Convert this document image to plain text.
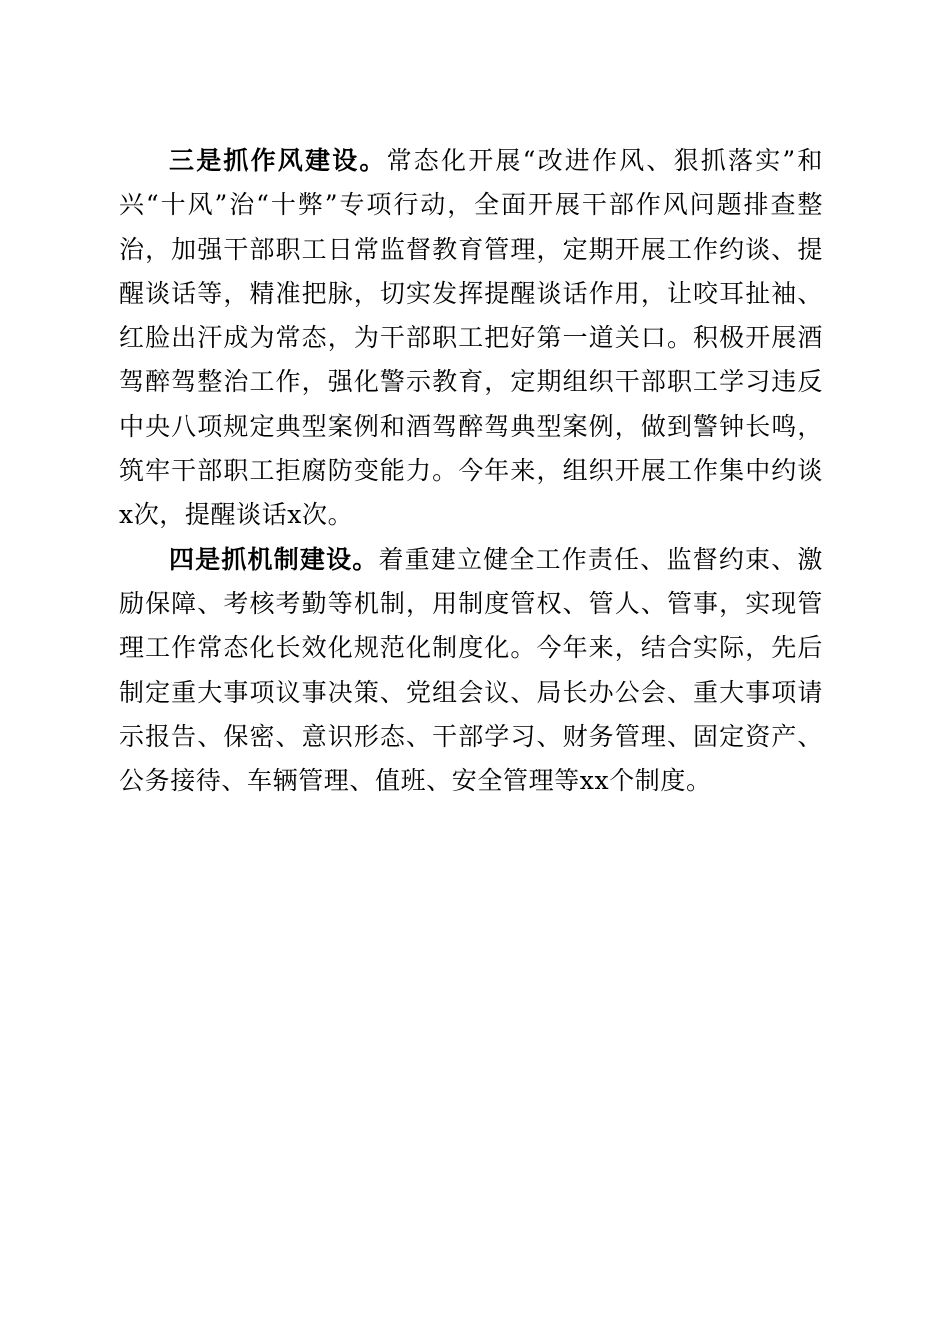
三是抓作风建设。常态化开展“改进作风、狠抓落实”和兴“十风”治“十弊”专项行动，全面开展干部作风问题排查整治，加强干部职工日常监督教育管理，定期开展工作约谈、提醒谈话等，精准把脉，切实发挥提醒谈话作用，让咬耳扯袖、红脸出汗成为常态，为干部职工把好第一道关口。积极开展酒驾醉驾整治工作，强化警示教育，定期组织干部职工学习违反中央八项规定典型案例和酒驾醉驾典型案例，做到警钟长鸣，筑牢干部职工拒腐防变能力。今年来，组织开展工作集中约谈x次，提醒谈话x次。

四是抓机制建设。着重建立健全工作责任、监督约束、激励保障、考核考勤等机制，用制度管权、管人、管事，实现管理工作常态化长效化规范化制度化。今年来，结合实际，先后制定重大事项议事决策、党组会议、局长办公会、重大事项请示报告、保密、意识形态、干部学习、财务管理、固定资产、公务接待、车辆管理、值班、安全管理等xx个制度。
